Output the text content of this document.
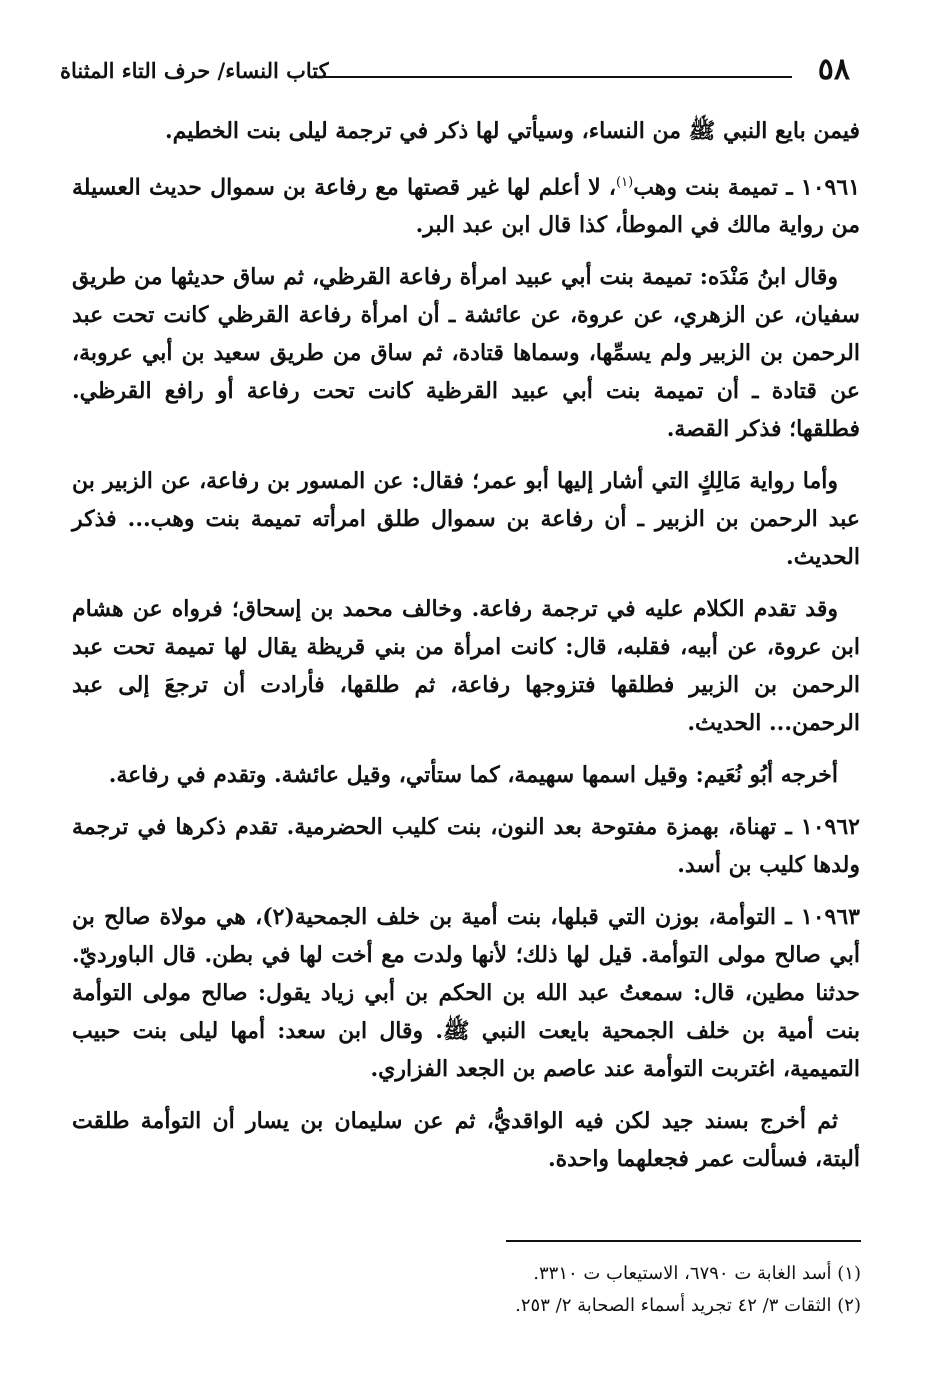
٥٨
كتاب النساء/ حرف التاء المثناة

فيمن بايع النبي ﷺ من النساء، وسيأتي لها ذكر في ترجمة ليلى بنت الخطيم.

١٠٩٦١ ـ تميمة بنت وهب$^{(١)}$، لا أعلم لها غير قصتها مع رفاعة بن سموال حديث العسيلة من رواية مالك في الموطأ، كذا قال ابن عبد البر.

وقال ابنُ مَنْدَه: تميمة بنت أبي عبيد امرأة رفاعة القرظي، ثم ساق حديثها من طريق سفيان، عن الزهري، عن عروة، عن عائشة ـ أن امرأة رفاعة القرظي كانت تحت عبد الرحمن بن الزبير ولم يسمِّها، وسماها قتادة، ثم ساق من طريق سعيد بن أبي عروبة، عن قتادة ـ أن تميمة بنت أبي عبيد القرظية كانت تحت رفاعة أو رافع القرظي. فطلقها؛ فذكر القصة.

وأما رواية مَالِكٍ التي أشار إليها أبو عمر؛ فقال: عن المسور بن رفاعة، عن الزبير بن عبد الرحمن بن الزبير ـ أن رفاعة بن سموال طلق امرأته تميمة بنت وهب... فذكر الحديث.

وقد تقدم الكلام عليه في ترجمة رفاعة. وخالف محمد بن إسحاق؛ فرواه عن هشام ابن عروة، عن أبيه، فقلبه، قال: كانت امرأة من بني قريظة يقال لها تميمة تحت عبد الرحمن بن الزبير فطلقها فتزوجها رفاعة، ثم طلقها، فأرادت أن ترجعَ إلى عبد الرحمن... الحديث.

أخرجه أبُو نُعَيم: وقيل اسمها سهيمة، كما ستأتي، وقيل عائشة. وتقدم في رفاعة.

١٠٩٦٢ ـ تهناة، بهمزة مفتوحة بعد النون، بنت كليب الحضرمية. تقدم ذكرها في ترجمة ولدها كليب بن أسد.

١٠٩٦٣ ـ التوأمة، بوزن التي قبلها، بنت أمية بن خلف الجمحية(٢)، هي مولاة صالح بن أبي صالح مولى التوأمة. قيل لها ذلك؛ لأنها ولدت مع أخت لها في بطن. قال الباورديّ. حدثنا مطين، قال: سمعتُ عبد الله بن الحكم بن أبي زياد يقول: صالح مولى التوأمة بنت أمية بن خلف الجمحية بايعت النبي ﷺ. وقال ابن سعد: أمها ليلى بنت حبيب التميمية، اغتربت التوأمة عند عاصم بن الجعد الفزاري.

ثم أخرج بسند جيد لكن فيه الواقديُّ، ثم عن سليمان بن يسار أن التوأمة طلقت ألبتة، فسألت عمر فجعلهما واحدة.

(١) أسد الغابة ت ٦٧٩٠، الاستيعاب ت ٣٣١٠.

(٢) الثقات ٣/ ٤٢ تجريد أسماء الصحابة ٢/ ٢٥٣.
